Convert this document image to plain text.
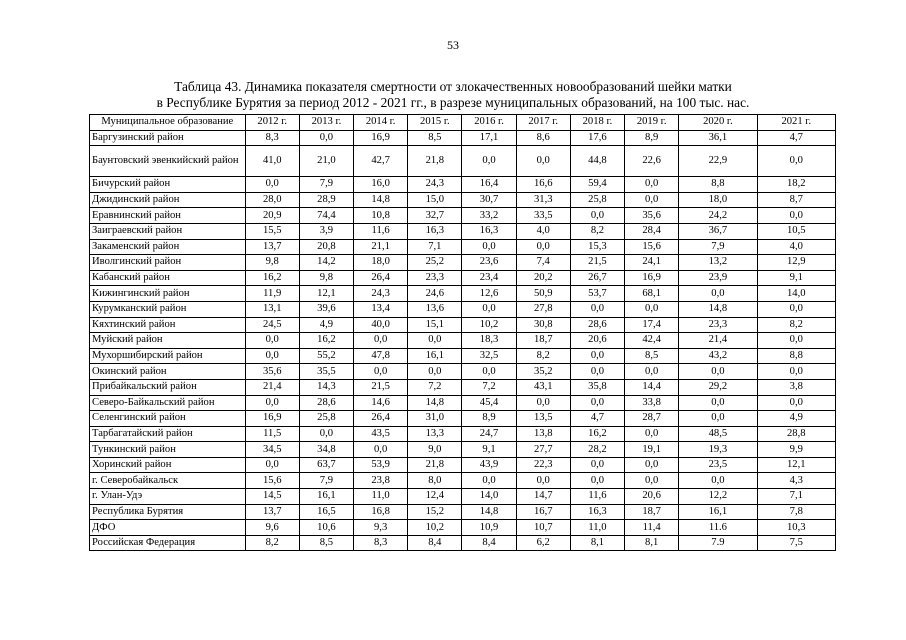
53
Таблица 43. Динамика показателя смертности от злокачественных новообразований шейки матки
в Республике Бурятия за период 2012 - 2021 гг., в разрезе муниципальных образований, на 100 тыс. нас.
Муниципальное образование	2012 г.	2013 г.	2014 г.	2015 г.	2016 г.	2017 г.	2018 г.	2019 г.	2020 г.	2021 г.
Баргузинский район	8,3	0,0	16,9	8,5	17,1	8,6	17,6	8,9	36,1	4,7
Баунтовский эвенкийский район	41,0	21,0	42,7	21,8	0,0	0,0	44,8	22,6	22,9	0,0
Бичурский район	0,0	7,9	16,0	24,3	16,4	16,6	59,4	0,0	8,8	18,2
Джидинский район	28,0	28,9	14,8	15,0	30,7	31,3	25,8	0,0	18,0	8,7
Еравнинский район	20,9	74,4	10,8	32,7	33,2	33,5	0,0	35,6	24,2	0,0
Заиграевский район	15,5	3,9	11,6	16,3	16,3	4,0	8,2	28,4	36,7	10,5
Закаменский район	13,7	20,8	21,1	7,1	0,0	0,0	15,3	15,6	7,9	4,0
Иволгинский район	9,8	14,2	18,0	25,2	23,6	7,4	21,5	24,1	13,2	12,9
Кабанский район	16,2	9,8	26,4	23,3	23,4	20,2	26,7	16,9	23,9	9,1
Кижингинский район	11,9	12,1	24,3	24,6	12,6	50,9	53,7	68,1	0,0	14,0
Курумканский район	13,1	39,6	13,4	13,6	0,0	27,8	0,0	0,0	14,8	0,0
Кяхтинский район	24,5	4,9	40,0	15,1	10,2	30,8	28,6	17,4	23,3	8,2
Муйский район	0,0	16,2	0,0	0,0	18,3	18,7	20,6	42,4	21,4	0,0
Мухоршибирский район	0,0	55,2	47,8	16,1	32,5	8,2	0,0	8,5	43,2	8,8
Окинский район	35,6	35,5	0,0	0,0	0,0	35,2	0,0	0,0	0,0	0,0
Прибайкальский район	21,4	14,3	21,5	7,2	7,2	43,1	35,8	14,4	29,2	3,8
Северо-Байкальский район	0,0	28,6	14,6	14,8	45,4	0,0	0,0	33,8	0,0	0,0
Селенгинский район	16,9	25,8	26,4	31,0	8,9	13,5	4,7	28,7	0,0	4,9
Тарбагатайский район	11,5	0,0	43,5	13,3	24,7	13,8	16,2	0,0	48,5	28,8
Тункинский район	34,5	34,8	0,0	9,0	9,1	27,7	28,2	19,1	19,3	9,9
Хоринский район	0,0	63,7	53,9	21,8	43,9	22,3	0,0	0,0	23,5	12,1
г. Северобайкальск	15,6	7,9	23,8	8,0	0,0	0,0	0,0	0,0	0,0	4,3
г. Улан-Удэ	14,5	16,1	11,0	12,4	14,0	14,7	11,6	20,6	12,2	7,1
Республика Бурятия	13,7	16,5	16,8	15,2	14,8	16,7	16,3	18,7	16,1	7,8
ДФО	9,6	10,6	9,3	10,2	10,9	10,7	11,0	11,4	11.6	10,3
Российская Федерация	8,2	8,5	8,3	8,4	8,4	6,2	8,1	8,1	7.9	7,5
